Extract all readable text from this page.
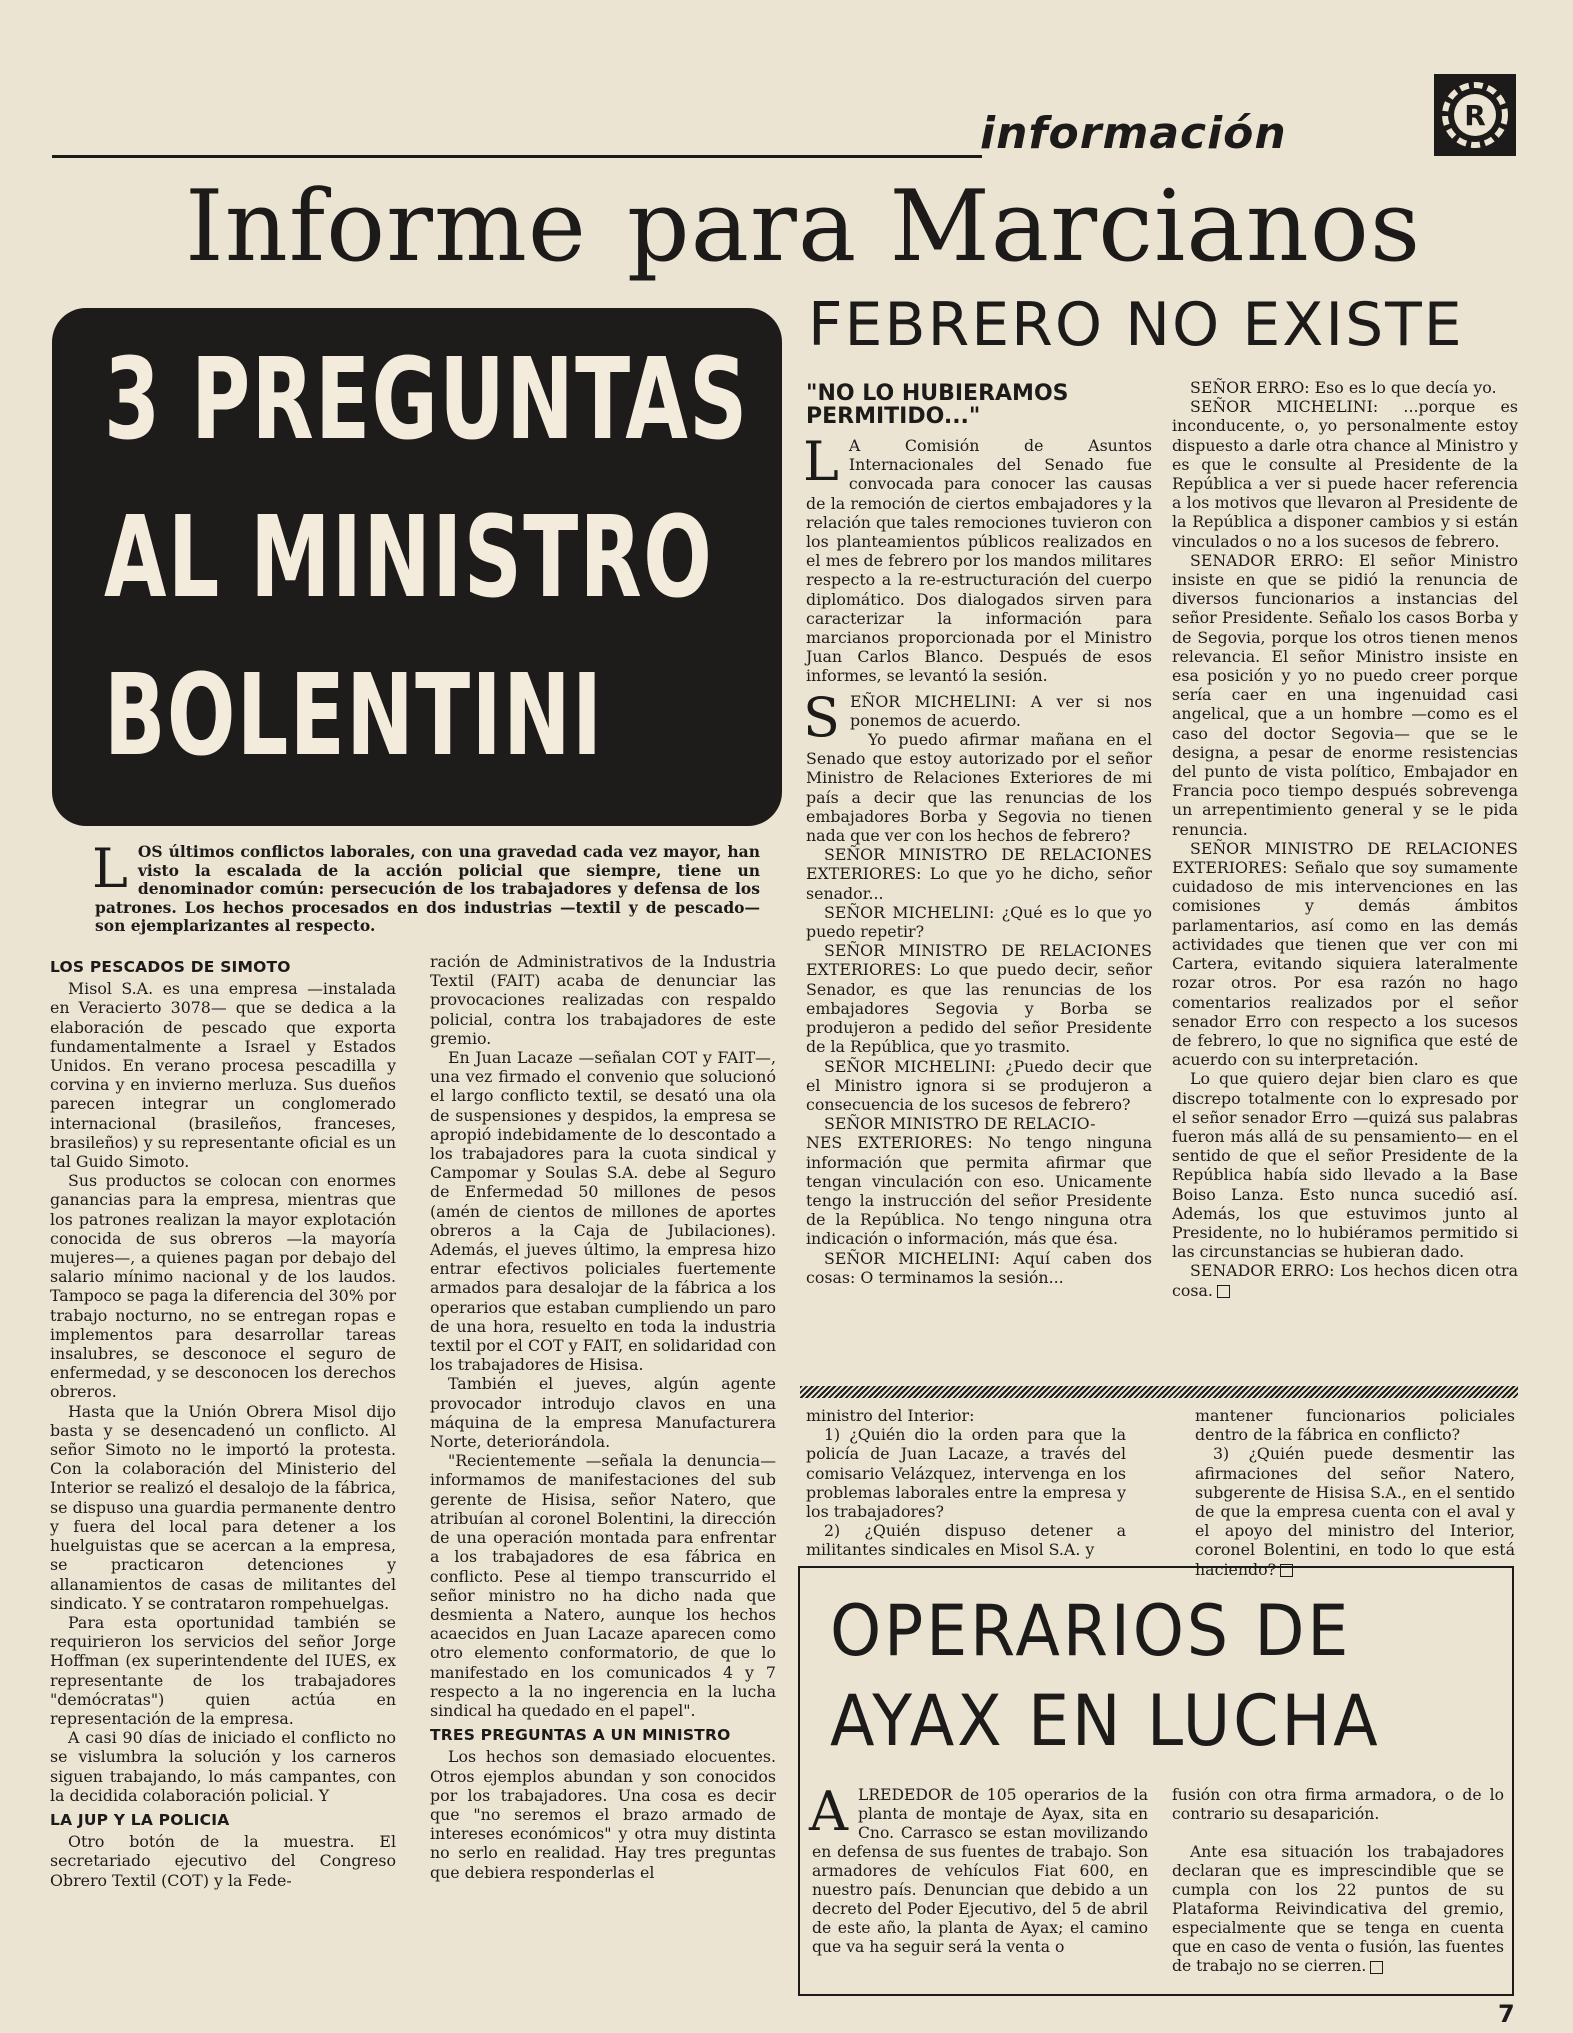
información	R
Informe para Marcianos
3 PREGUNTAS
AL MINISTRO
BOLENTINI
LOS últimos conflictos laborales, con una gravedad cada vez mayor, han visto la escalada de la acción policial que siempre, tiene un denominador común: persecución de los trabajadores y defensa de los patrones. Los hechos procesados en dos industrias —textil y de pescado— son ejemplarizantes al respecto.
LOS PESCADOS DE SIMOTO

Misol S.A. es una empresa —instalada en Veracierto 3078— que se dedica a la elaboración de pescado que exporta fundamentalmente a Israel y Estados Unidos. En verano procesa pescadilla y corvina y en invierno merluza. Sus dueños parecen integrar un conglomerado internacional (brasileños, franceses, brasileños) y su representante oficial es un tal Guido Simoto.

Sus productos se colocan con enormes ganancias para la empresa, mientras que los patrones realizan la mayor explotación conocida de sus obreros —la mayoría mujeres—, a quienes pagan por debajo del salario mínimo nacional y de los laudos. Tampoco se paga la diferencia del 30% por trabajo nocturno, no se entregan ropas e implementos para desarrollar tareas insalubres, se desconoce el seguro de enfermedad, y se desconocen los derechos obreros.

Hasta que la Unión Obrera Misol dijo basta y se desencadenó un conflicto. Al señor Simoto no le importó la protesta. Con la colaboración del Ministerio del Interior se realizó el desalojo de la fábrica, se dispuso una guardia permanente dentro y fuera del local para detener a los huelguistas que se acercan a la empresa, se practicaron detenciones y allanamientos de casas de militantes del sindicato. Y se contrataron rompehuelgas.

Para esta oportunidad también se requirieron los servicios del señor Jorge Hoffman (ex superintendente del IUES, ex representante de los trabajadores "demócratas") quien actúa en representación de la empresa.

A casi 90 días de iniciado el conflicto no se vislumbra la solución y los carneros siguen trabajando, lo más campantes, con la decidida colaboración policial. Y

LA JUP Y LA POLICIA

Otro botón de la muestra. El secretariado ejecutivo del Congreso Obrero Textil (COT) y la Fede-

ración de Administrativos de la Industria Textil (FAIT) acaba de denunciar las provocaciones realizadas con respaldo policial, contra los trabajadores de este gremio.

En Juan Lacaze —señalan COT y FAIT—, una vez firmado el convenio que solucionó el largo conflicto textil, se desató una ola de suspensiones y despidos, la empresa se apropió indebidamente de lo descontado a los trabajadores para la cuota sindical y Campomar y Soulas S.A. debe al Seguro de Enfermedad 50 millones de pesos (amén de cientos de millones de aportes obreros a la Caja de Jubilaciones). Además, el jueves último, la empresa hizo entrar efectivos policiales fuertemente armados para desalojar de la fábrica a los operarios que estaban cumpliendo un paro de una hora, resuelto en toda la industria textil por el COT y FAIT, en solidaridad con los trabajadores de Hisisa.

También el jueves, algún agente provocador introdujo clavos en una máquina de la empresa Manufacturera Norte, deteriorándola.

"Recientemente —señala la denuncia— informamos de manifestaciones del sub gerente de Hisisa, señor Natero, que atribuían al coronel Bolentini, la dirección de una operación montada para enfrentar a los trabajadores de esa fábrica en conflicto. Pese al tiempo transcurrido el señor ministro no ha dicho nada que desmienta a Natero, aunque los hechos acaecidos en Juan Lacaze aparecen como otro elemento conformatorio, de que lo manifestado en los comunicados 4 y 7 respecto a la no ingerencia en la lucha sindical ha quedado en el papel".

TRES PREGUNTAS A UN MINISTRO

Los hechos son demasiado elocuentes. Otros ejemplos abundan y son conocidos por los trabajadores. Una cosa es decir que "no seremos el brazo armado de intereses económicos" y otra muy distinta no serlo en realidad. Hay tres preguntas que debiera responderlas el

FEBRERO NO EXISTE
"NO LO HUBIERAMOS PERMITIDO..."

L A Comisión de Asuntos Internacionales del Senado fue convocada para conocer las causas de la remoción de ciertos embajadores y la relación que tales remociones tuvieron con los planteamientos públicos realizados en el mes de febrero por los mandos militares respecto a la re-estructuración del cuerpo diplomático. Dos dialogados sirven para caracterizar la información para marcianos proporcionada por el Ministro Juan Carlos Blanco. Después de esos informes, se levantó la sesión.

SEÑOR MICHELINI: A ver si nos ponemos de acuerdo.

Yo puedo afirmar mañana en el Senado que estoy autorizado por el señor Ministro de Relaciones Exteriores de mi país a decir que las renuncias de los embajadores Borba y Segovia no tienen nada que ver con los hechos de febrero?

SEÑOR MINISTRO DE RELACIONES EXTERIORES: Lo que yo he dicho, señor senador...

SEÑOR MICHELINI: ¿Qué es lo que yo puedo repetir?

SEÑOR MINISTRO DE RELACIONES EXTERIORES: Lo que puedo decir, señor Senador, es que las renuncias de los embajadores Segovia y Borba se produjeron a pedido del señor Presidente de la República, que yo trasmito.

SEÑOR MICHELINI: ¿Puedo decir que el Ministro ignora si se produjeron a consecuencia de los sucesos de febrero?

SEÑOR MINISTRO DE RELACIO-

NES EXTERIORES: No tengo ninguna información que permita afirmar que tengan vinculación con eso. Unicamente tengo la instrucción del señor Presidente de la República. No tengo ninguna otra indicación o información, más que ésa.

SEÑOR MICHELINI: Aquí caben dos cosas: O terminamos la sesión...

SEÑOR ERRO: Eso es lo que decía yo.

SEÑOR MICHELINI: ...porque es inconducente, o, yo personalmente estoy dispuesto a darle otra chance al Ministro y es que le consulte al Presidente de la República a ver si puede hacer referencia a los motivos que llevaron al Presidente de la República a disponer cambios y si están vinculados o no a los sucesos de febrero.

SENADOR ERRO: El señor Ministro insiste en que se pidió la renuncia de diversos funcionarios a instancias del señor Presidente. Señalo los casos Borba y de Segovia, porque los otros tienen menos relevancia. El señor Ministro insiste en esa posición y yo no puedo creer porque sería caer en una ingenuidad casi angelical, que a un hombre —como es el caso del doctor Segovia— que se le designa, a pesar de enorme resistencias del punto de vista político, Embajador en Francia poco tiempo después sobrevenga un arrepentimiento general y se le pida renuncia.

SEÑOR MINISTRO DE RELACIONES EXTERIORES: Señalo que soy sumamente cuidadoso de mis intervenciones en las comisiones y demás ámbitos parlamentarios, así como en las demás actividades que tienen que ver con mi Cartera, evitando siquiera lateralmente rozar otros. Por esa razón no hago comentarios realizados por el señor senador Erro con respecto a los sucesos de febrero, lo que no significa que esté de acuerdo con su interpretación.

Lo que quiero dejar bien claro es que discrepo totalmente con lo expresado por el señor senador Erro —quizá sus palabras fueron más allá de su pensamiento— en el sentido de que el señor Presidente de la República había sido llevado a la Base Boiso Lanza. Esto nunca sucedió así. Además, los que estuvimos junto al Presidente, no lo hubiéramos permitido si las circunstancias se hubieran dado.

SENADOR ERRO: Los hechos dicen otra cosa.

ministro del Interior:

1) ¿Quién dio la orden para que la policía de Juan Lacaze, a través del comisario Velázquez, intervenga en los problemas laborales entre la empresa y los trabajadores?

2) ¿Quién dispuso detener a militantes sindicales en Misol S.A. y

mantener funcionarios policiales dentro de la fábrica en conflicto?

3) ¿Quién puede desmentir las afirmaciones del señor Natero, subgerente de Hisisa S.A., en el sentido de que la empresa cuenta con el aval y el apoyo del ministro del Interior, coronel Bolentini, en todo lo que está haciendo?

OPERARIOS DE
AYAX EN LUCHA

ALREDEDOR de 105 operarios de la planta de montaje de Ayax, sita en Cno. Carrasco se estan movilizando en defensa de sus fuentes de trabajo. Son armadores de vehículos Fiat 600, en nuestro país. Denuncian que debido a un decreto del Poder Ejecutivo, del 5 de abril de este año, la planta de Ayax; el camino que va ha seguir será la venta o

fusión con otra firma armadora, o de lo contrario su desaparición.

Ante esa situación los trabajadores declaran que es imprescindible que se cumpla con los 22 puntos de su Plataforma Reivindicativa del gremio, especialmente que se tenga en cuenta que en caso de venta o fusión, las fuentes de trabajo no se cierren.

7
